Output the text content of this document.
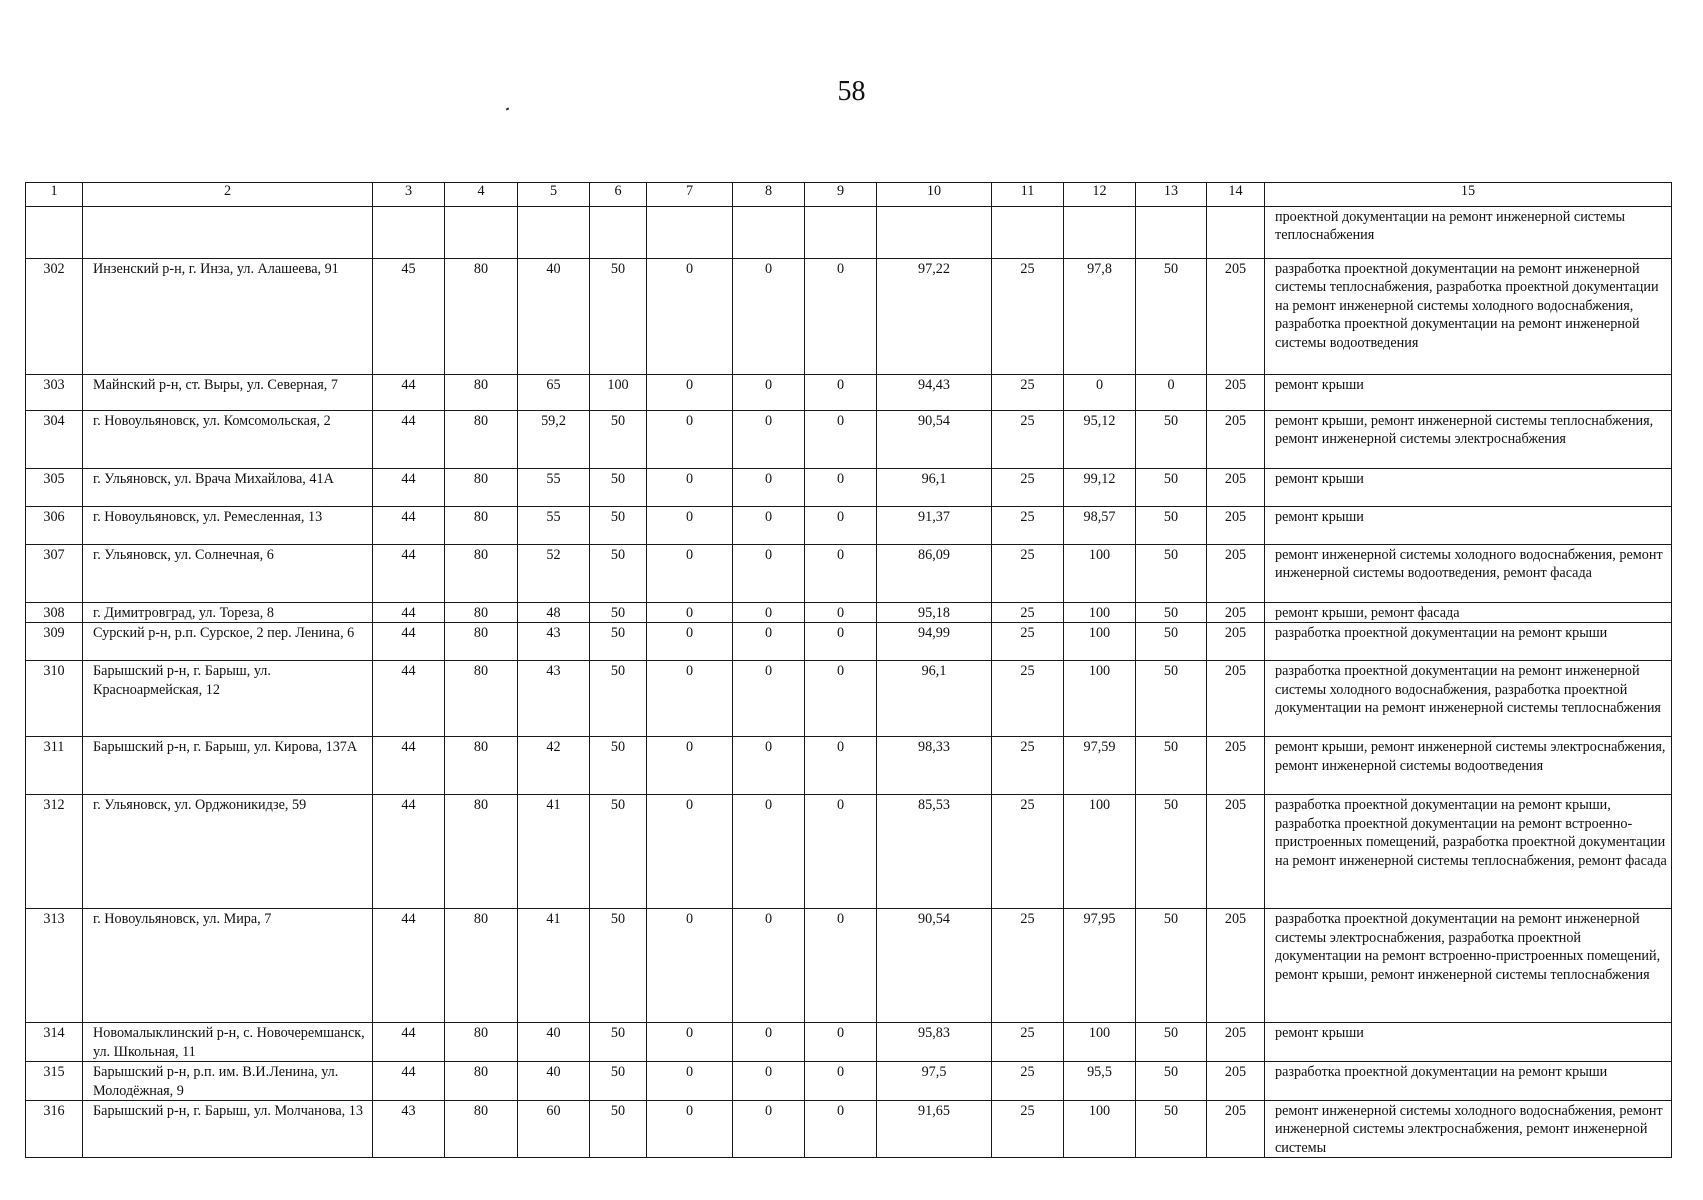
58
1	2	3	4	5	6	7	8	9	10	11	12	13	14	15
														проектной документации на ремонт инженерной системы теплоснабжения
302	Инзенский р-н, г. Инза, ул. Алашеева, 91	45	80	40	50	0	0	0	97,22	25	97,8	50	205	разработка проектной документации на ремонт инженерной системы теплоснабжения, разработка проектной документации на ремонт инженерной системы холодного водоснабжения, разработка проектной документации на ремонт инженерной системы водоотведения
303	Майнский р-н, ст. Выры, ул. Северная, 7	44	80	65	100	0	0	0	94,43	25	0	0	205	ремонт крыши
304	г. Новоульяновск, ул. Комсомольская, 2	44	80	59,2	50	0	0	0	90,54	25	95,12	50	205	ремонт крыши, ремонт инженерной системы теплоснабжения, ремонт инженерной системы электроснабжения
305	г. Ульяновск, ул. Врача Михайлова, 41А	44	80	55	50	0	0	0	96,1	25	99,12	50	205	ремонт крыши
306	г. Новоульяновск, ул. Ремесленная, 13	44	80	55	50	0	0	0	91,37	25	98,57	50	205	ремонт крыши
307	г. Ульяновск, ул. Солнечная, 6	44	80	52	50	0	0	0	86,09	25	100	50	205	ремонт инженерной системы холодного водоснабжения, ремонт инженерной системы водоотведения, ремонт фасада
308	г. Димитровград, ул. Тореза, 8	44	80	48	50	0	0	0	95,18	25	100	50	205	ремонт крыши, ремонт фасада
309	Сурский р-н, р.п. Сурское, 2 пер. Ленина, 6	44	80	43	50	0	0	0	94,99	25	100	50	205	разработка проектной документации на ремонт крыши
310	Барышский р-н, г. Барыш, ул. Красноармейская, 12	44	80	43	50	0	0	0	96,1	25	100	50	205	разработка проектной документации на ремонт инженерной системы холодного водоснабжения, разработка проектной документации на ремонт инженерной системы теплоснабжения
311	Барышский р-н, г. Барыш, ул. Кирова, 137А	44	80	42	50	0	0	0	98,33	25	97,59	50	205	ремонт крыши, ремонт инженерной системы электроснабжения, ремонт инженерной системы водоотведения
312	г. Ульяновск, ул. Орджоникидзе, 59	44	80	41	50	0	0	0	85,53	25	100	50	205	разработка проектной документации на ремонт крыши, разработка проектной документации на ремонт встроенно-пристроенных помещений, разработка проектной документации на ремонт инженерной системы теплоснабжения, ремонт фасада
313	г. Новоульяновск, ул. Мира, 7	44	80	41	50	0	0	0	90,54	25	97,95	50	205	разработка проектной документации на ремонт инженерной системы электроснабжения, разработка проектной документации на ремонт встроенно-пристроенных помещений, ремонт крыши, ремонт инженерной системы теплоснабжения
314	Новомалыклинский р-н, с. Новочеремшанск, ул. Школьная, 11	44	80	40	50	0	0	0	95,83	25	100	50	205	ремонт крыши
315	Барышский р-н, р.п. им. В.И.Ленина, ул. Молодёжная, 9	44	80	40	50	0	0	0	97,5	25	95,5	50	205	разработка проектной документации на ремонт крыши
316	Барышский р-н, г. Барыш, ул. Молчанова, 13	43	80	60	50	0	0	0	91,65	25	100	50	205	ремонт инженерной системы холодного водоснабжения, ремонт инженерной системы электроснабжения, ремонт инженерной системы
